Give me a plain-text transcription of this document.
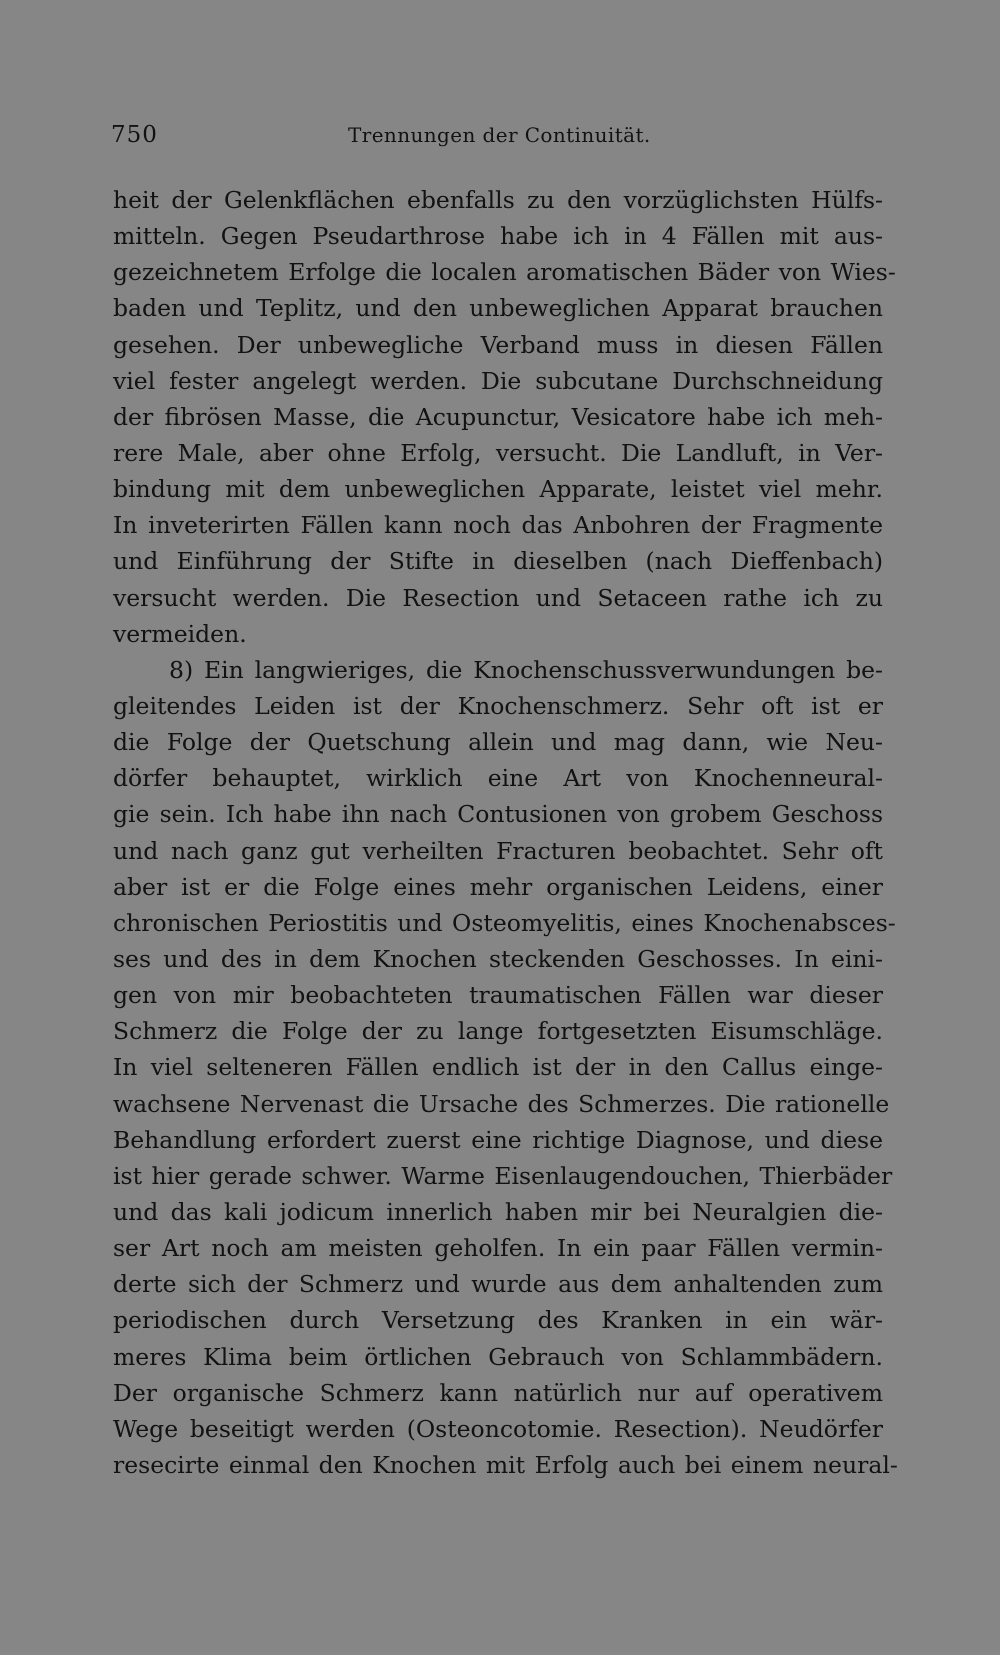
750	Trennungen der Continuität.
heit der Gelenkflächen ebenfalls zu den vorzüglichsten Hülfs-
mitteln. Gegen Pseudarthrose habe ich in 4 Fällen mit aus-
gezeichnetem Erfolge die localen aromatischen Bäder von Wies-
baden und Teplitz, und den unbeweglichen Apparat brauchen
gesehen. Der unbewegliche Verband muss in diesen Fällen
viel fester angelegt werden. Die subcutane Durchschneidung
der fibrösen Masse, die Acupunctur, Vesicatore habe ich meh-
rere Male, aber ohne Erfolg, versucht. Die Landluft, in Ver-
bindung mit dem unbeweglichen Apparate, leistet viel mehr.
In inveterirten Fällen kann noch das Anbohren der Fragmente
und Einführung der Stifte in dieselben (nach Dieffenbach)
versucht werden. Die Resection und Setaceen rathe ich zu
vermeiden.
8) Ein langwieriges, die Knochenschussverwundungen be-
gleitendes Leiden ist der Knochenschmerz. Sehr oft ist er
die Folge der Quetschung allein und mag dann, wie Neu-
dörfer behauptet, wirklich eine Art von Knochenneural-
gie sein. Ich habe ihn nach Contusionen von grobem Geschoss
und nach ganz gut verheilten Fracturen beobachtet. Sehr oft
aber ist er die Folge eines mehr organischen Leidens, einer
chronischen Periostitis und Osteomyelitis, eines Knochenabsces-
ses und des in dem Knochen steckenden Geschosses. In eini-
gen von mir beobachteten traumatischen Fällen war dieser
Schmerz die Folge der zu lange fortgesetzten Eisumschläge.
In viel selteneren Fällen endlich ist der in den Callus einge-
wachsene Nervenast die Ursache des Schmerzes. Die rationelle
Behandlung erfordert zuerst eine richtige Diagnose, und diese
ist hier gerade schwer. Warme Eisenlaugendouchen, Thierbäder
und das kali jodicum innerlich haben mir bei Neuralgien die-
ser Art noch am meisten geholfen. In ein paar Fällen vermin-
derte sich der Schmerz und wurde aus dem anhaltenden zum
periodischen durch Versetzung des Kranken in ein wär-
meres Klima beim örtlichen Gebrauch von Schlammbädern.
Der organische Schmerz kann natürlich nur auf operativem
Wege beseitigt werden (Osteoncotomie. Resection). Neudörfer
resecirte einmal den Knochen mit Erfolg auch bei einem neural-
